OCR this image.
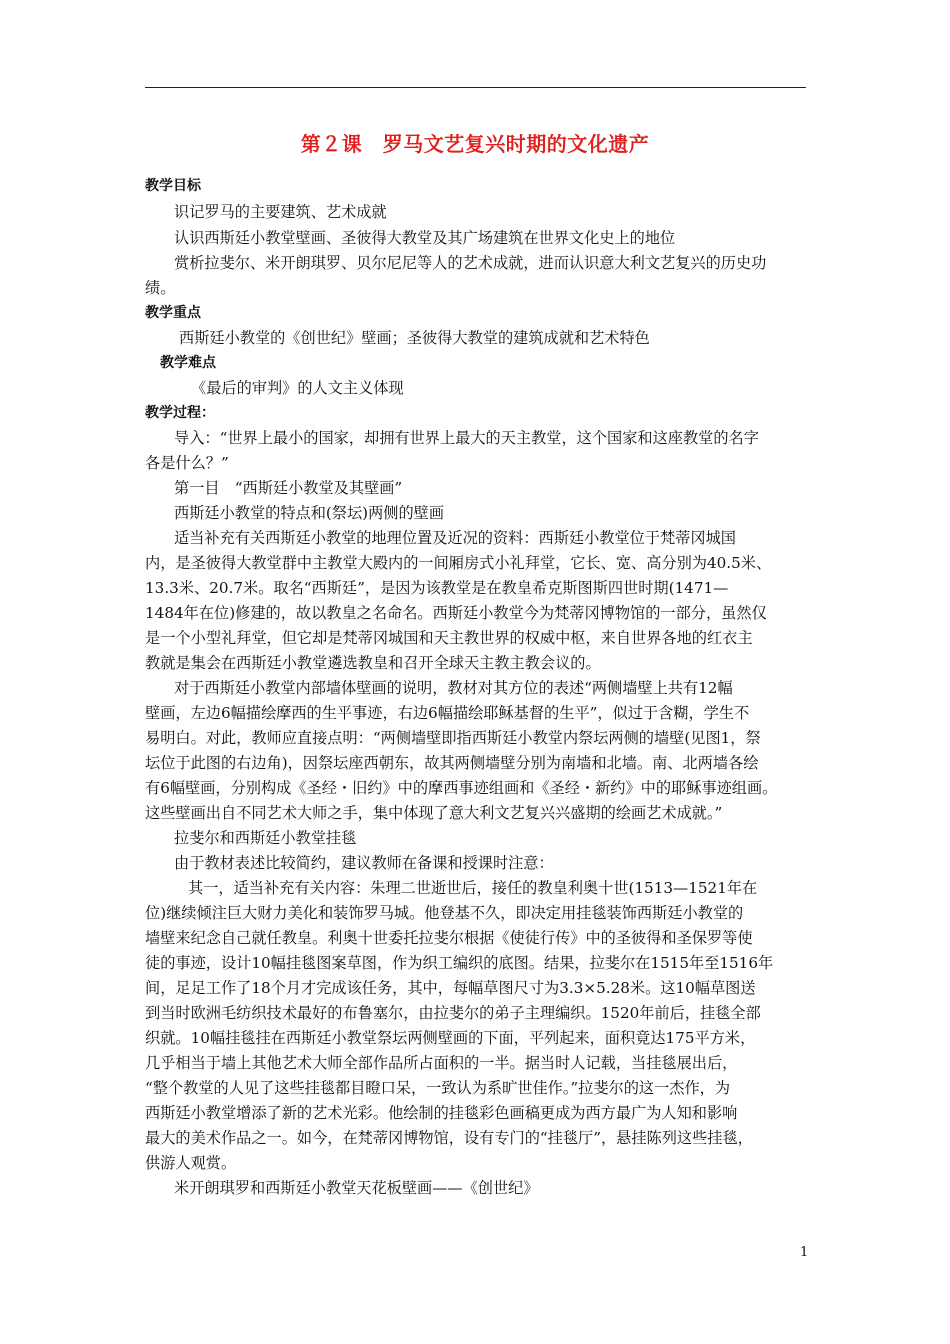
第２课　罗马文艺复兴时期的文化遗产
教学目标
识记罗马的主要建筑、艺术成就
认识西斯廷小教堂壁画、圣彼得大教堂及其广场建筑在世界文化史上的地位
赏析拉斐尔、米开朗琪罗、贝尔尼尼等人的艺术成就，进而认识意大利文艺复兴的历史功
绩。
教学重点
西斯廷小教堂的《创世纪》壁画；圣彼得大教堂的建筑成就和艺术特色
教学难点
《最后的审判》的人文主义体现
教学过程：
导入：“世界上最小的国家，却拥有世界上最大的天主教堂，这个国家和这座教堂的名字
各是什么？”
第一目　“西斯廷小教堂及其壁画”
西斯廷小教堂的特点和(祭坛)两侧的壁画
适当补充有关西斯廷小教堂的地理位置及近况的资料：西斯廷小教堂位于梵蒂冈城国
内，是圣彼得大教堂群中主教堂大殿内的一间厢房式小礼拜堂，它长、宽、高分别为40.5米、
13.3米、20.7米。取名“西斯廷”，是因为该教堂是在教皇希克斯图斯四世时期(1471—
1484年在位)修建的，故以教皇之名命名。西斯廷小教堂今为梵蒂冈博物馆的一部分，虽然仅
是一个小型礼拜堂，但它却是梵蒂冈城国和天主教世界的权威中枢，来自世界各地的红衣主
教就是集会在西斯廷小教堂遴选教皇和召开全球天主教主教会议的。
对于西斯廷小教堂内部墙体壁画的说明，教材对其方位的表述“两侧墙壁上共有12幅
壁画，左边6幅描绘摩西的生平事迹，右边6幅描绘耶稣基督的生平”，似过于含糊，学生不
易明白。对此，教师应直接点明：“两侧墙壁即指西斯廷小教堂内祭坛两侧的墙壁(见图1，祭
坛位于此图的右边角)，因祭坛座西朝东，故其两侧墙壁分别为南墙和北墙。南、北两墙各绘
有6幅壁画，分别构成《圣经・旧约》中的摩西事迹组画和《圣经・新约》中的耶稣事迹组画。
这些壁画出自不同艺术大师之手，集中体现了意大利文艺复兴兴盛期的绘画艺术成就。”
拉斐尔和西斯廷小教堂挂毯
由于教材表述比较简约，建议教师在备课和授课时注意：
其一，适当补充有关内容：朱理二世逝世后，接任的教皇利奥十世(1513—1521年在
位)继续倾注巨大财力美化和装饰罗马城。他登基不久，即决定用挂毯装饰西斯廷小教堂的
墙壁来纪念自己就任教皇。利奥十世委托拉斐尔根据《使徒行传》中的圣彼得和圣保罗等使
徒的事迹，设计10幅挂毯图案草图，作为织工编织的底图。结果，拉斐尔在1515年至1516年
间，足足工作了18个月才完成该任务，其中，每幅草图尺寸为3.3×5.28米。这10幅草图送
到当时欧洲毛纺织技术最好的布鲁塞尔，由拉斐尔的弟子主理编织。1520年前后，挂毯全部
织就。10幅挂毯挂在西斯廷小教堂祭坛两侧壁画的下面，平列起来，面积竟达175平方米，
几乎相当于墙上其他艺术大师全部作品所占面积的一半。据当时人记载，当挂毯展出后，
“整个教堂的人见了这些挂毯都目瞪口呆，一致认为系旷世佳作。”拉斐尔的这一杰作，为
西斯廷小教堂增添了新的艺术光彩。他绘制的挂毯彩色画稿更成为西方最广为人知和影响
最大的美术作品之一。如今，在梵蒂冈博物馆，设有专门的“挂毯厅”，悬挂陈列这些挂毯，
供游人观赏。
米开朗琪罗和西斯廷小教堂天花板壁画——《创世纪》
1
